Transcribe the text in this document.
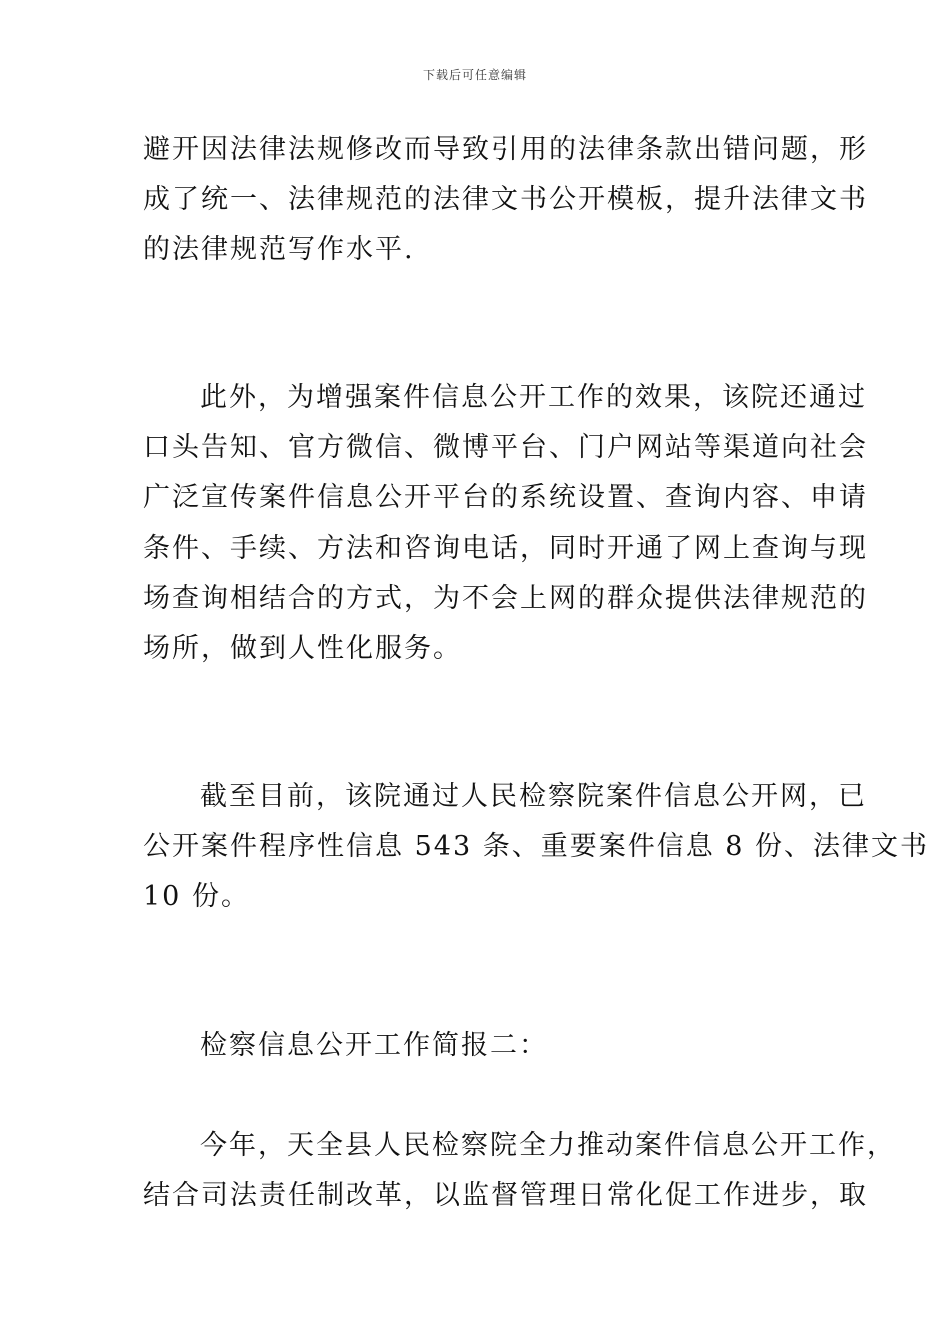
下载后可任意编辑
避开因法律法规修改而导致引用的法律条款出错问题，形
成了统一、法律规范的法律文书公开模板，提升法律文书
的法律规范写作水平.
此外，为增强案件信息公开工作的效果，该院还通过
口头告知、官方微信、微博平台、门户网站等渠道向社会
广泛宣传案件信息公开平台的系统设置、查询内容、申请
条件、手续、方法和咨询电话，同时开通了网上查询与现
场查询相结合的方式，为不会上网的群众提供法律规范的
场所，做到人性化服务。
截至目前，该院通过人民检察院案件信息公开网，已
公开案件程序性信息 543 条、重要案件信息 8 份、法律文书
10 份。
检察信息公开工作简报二：
今年，天全县人民检察院全力推动案件信息公开工作，
结合司法责任制改革，以监督管理日常化促工作进步，取
